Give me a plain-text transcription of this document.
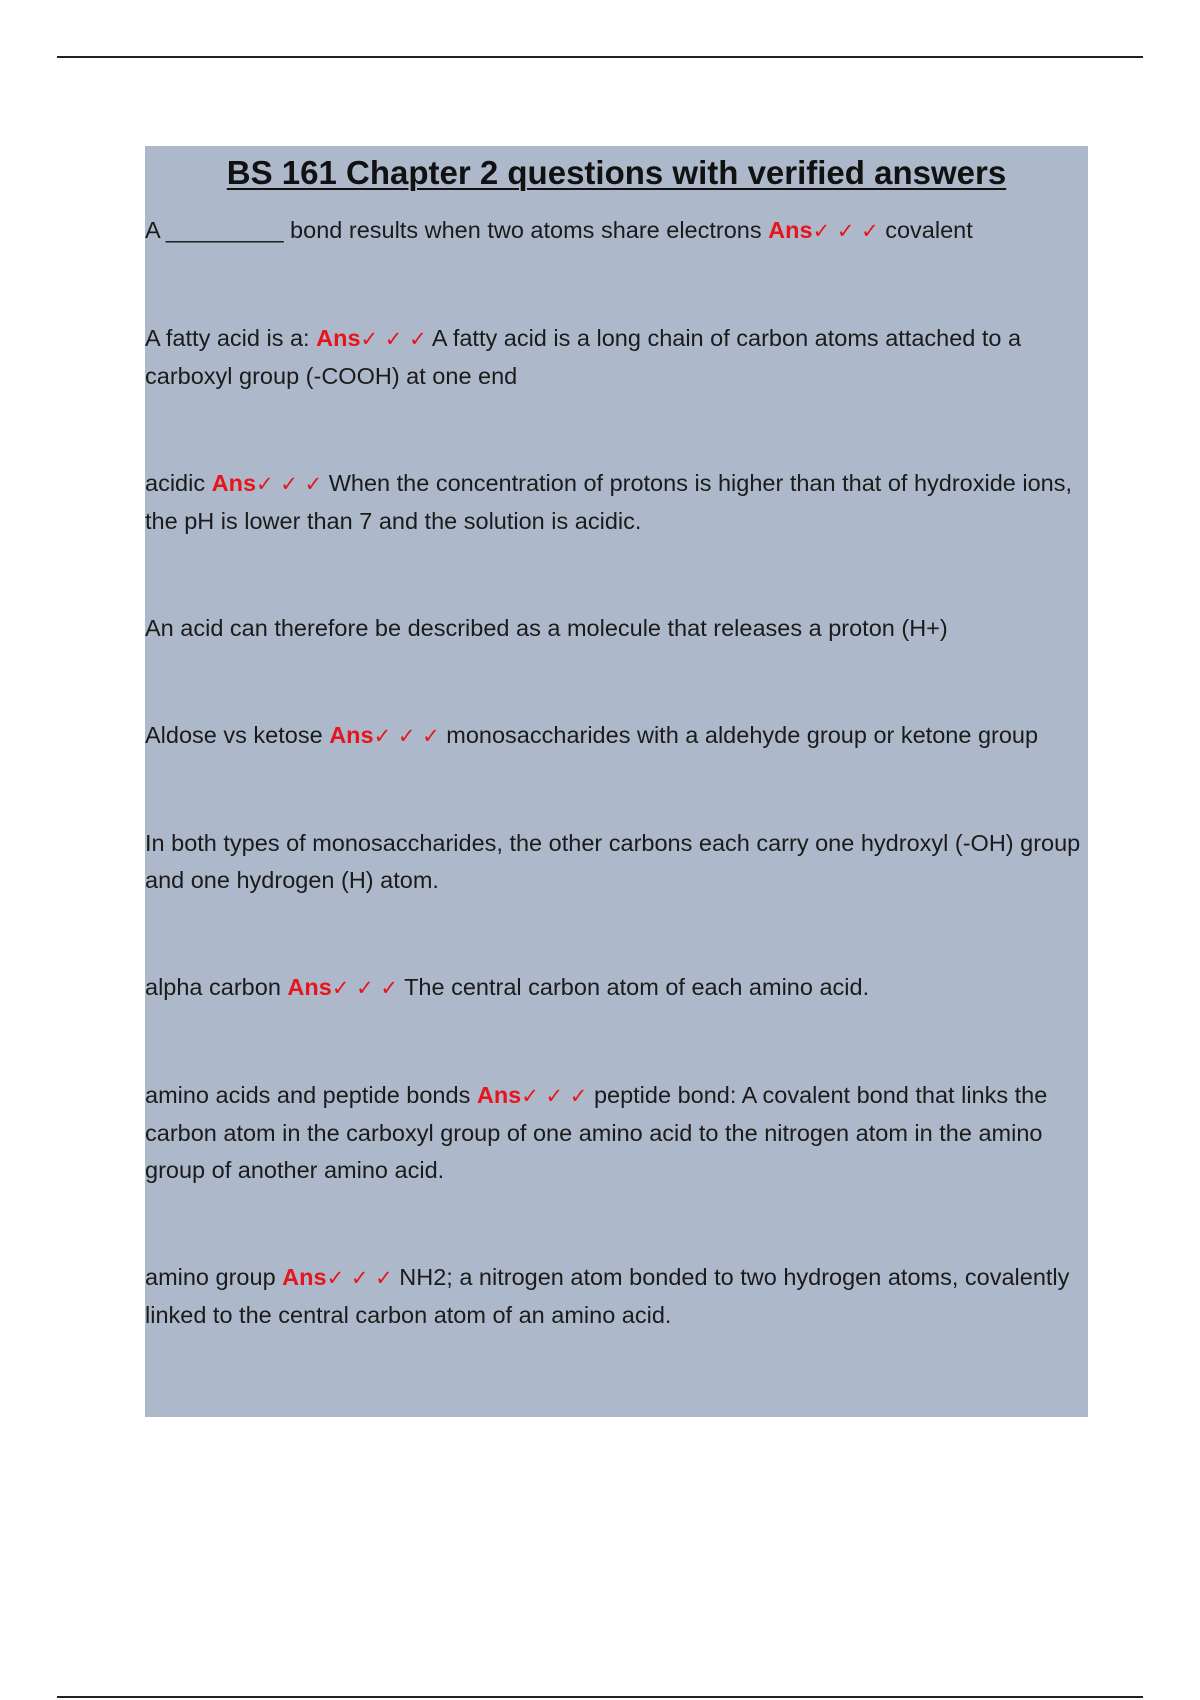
BS 161 Chapter 2 questions with verified answers

A _________ bond results when two atoms share electrons Ans✓ ✓ ✓ covalent

A fatty acid is a: Ans✓ ✓ ✓ A fatty acid is a long chain of carbon atoms attached to a carboxyl group (-COOH) at one end

acidic Ans✓ ✓ ✓ When the concentration of protons is higher than that of hydroxide ions, the pH is lower than 7 and the solution is acidic.

An acid can therefore be described as a molecule that releases a proton (H+)

Aldose vs ketose Ans✓ ✓ ✓ monosaccharides with a aldehyde group or ketone group

In both types of monosaccharides, the other carbons each carry one hydroxyl (-OH) group and one hydrogen (H) atom.

alpha carbon Ans✓ ✓ ✓ The central carbon atom of each amino acid.

amino acids and peptide bonds Ans✓ ✓ ✓ peptide bond: A covalent bond that links the carbon atom in the carboxyl group of one amino acid to the nitrogen atom in the amino group of another amino acid.

amino group Ans✓ ✓ ✓ NH2; a nitrogen atom bonded to two hydrogen atoms, covalently linked to the central carbon atom of an amino acid.
